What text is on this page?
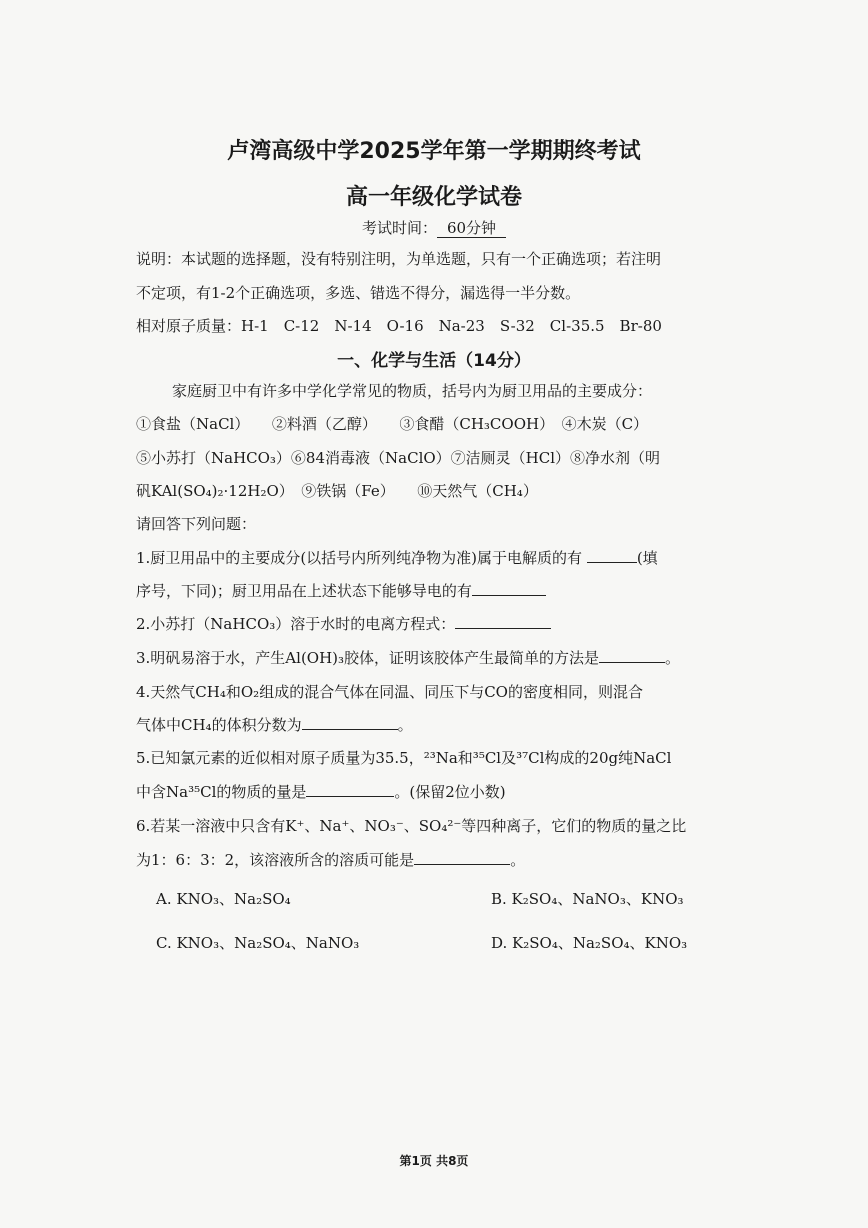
卢湾高级中学2025学年第一学期期终考试
高一年级化学试卷
考试时间： 60分钟
说明：本试题的选择题，没有特别注明，为单选题，只有一个正确选项；若注明
不定项，有1-2个正确选项，多选、错选不得分，漏选得一半分数。
相对原子质量：H-1　C-12　N-14　O-16　Na-23　S-32　Cl-35.5　Br-80
一、化学与生活（14分）
家庭厨卫中有许多中学化学常见的物质，括号内为厨卫用品的主要成分：
①食盐（NaCl）　　②料酒（乙醇）　　③食醋（CH₃COOH）　④木炭（C）
⑤小苏打（NaHCO₃）⑥84消毒液（NaClO）⑦洁厕灵（HCl）⑧净水剂（明
矾KAl(SO₄)₂·12H₂O）　⑨铁锅（Fe）　　⑩天然气（CH₄）
请回答下列问题：
1.厨卫用品中的主要成分(以括号内所列纯净物为准)属于电解质的有	(填
序号，下同)；厨卫用品在上述状态下能够导电的有
2.小苏打（NaHCO₃）溶于水时的电离方程式：
3.明矾易溶于水，产生Al(OH)₃胶体，证明该胶体产生最简单的方法是	。
4.天然气CH₄和O₂组成的混合气体在同温、同压下与CO的密度相同，则混合
气体中CH₄的体积分数为	。
5.已知氯元素的近似相对原子质量为35.5，²³Na和³⁵Cl及³⁷Cl构成的20g纯NaCl
中含Na³⁵Cl的物质的量是	。(保留2位小数)
6.若某一溶液中只含有K⁺、Na⁺、NO₃⁻、SO₄²⁻等四种离子，它们的物质的量之比
为1：6：3：2，该溶液所含的溶质可能是	。
A. KNO₃、Na₂SO₄	B. K₂SO₄、NaNO₃、KNO₃
C. KNO₃、Na₂SO₄、NaNO₃	D. K₂SO₄、Na₂SO₄、KNO₃
第1页 共8页
